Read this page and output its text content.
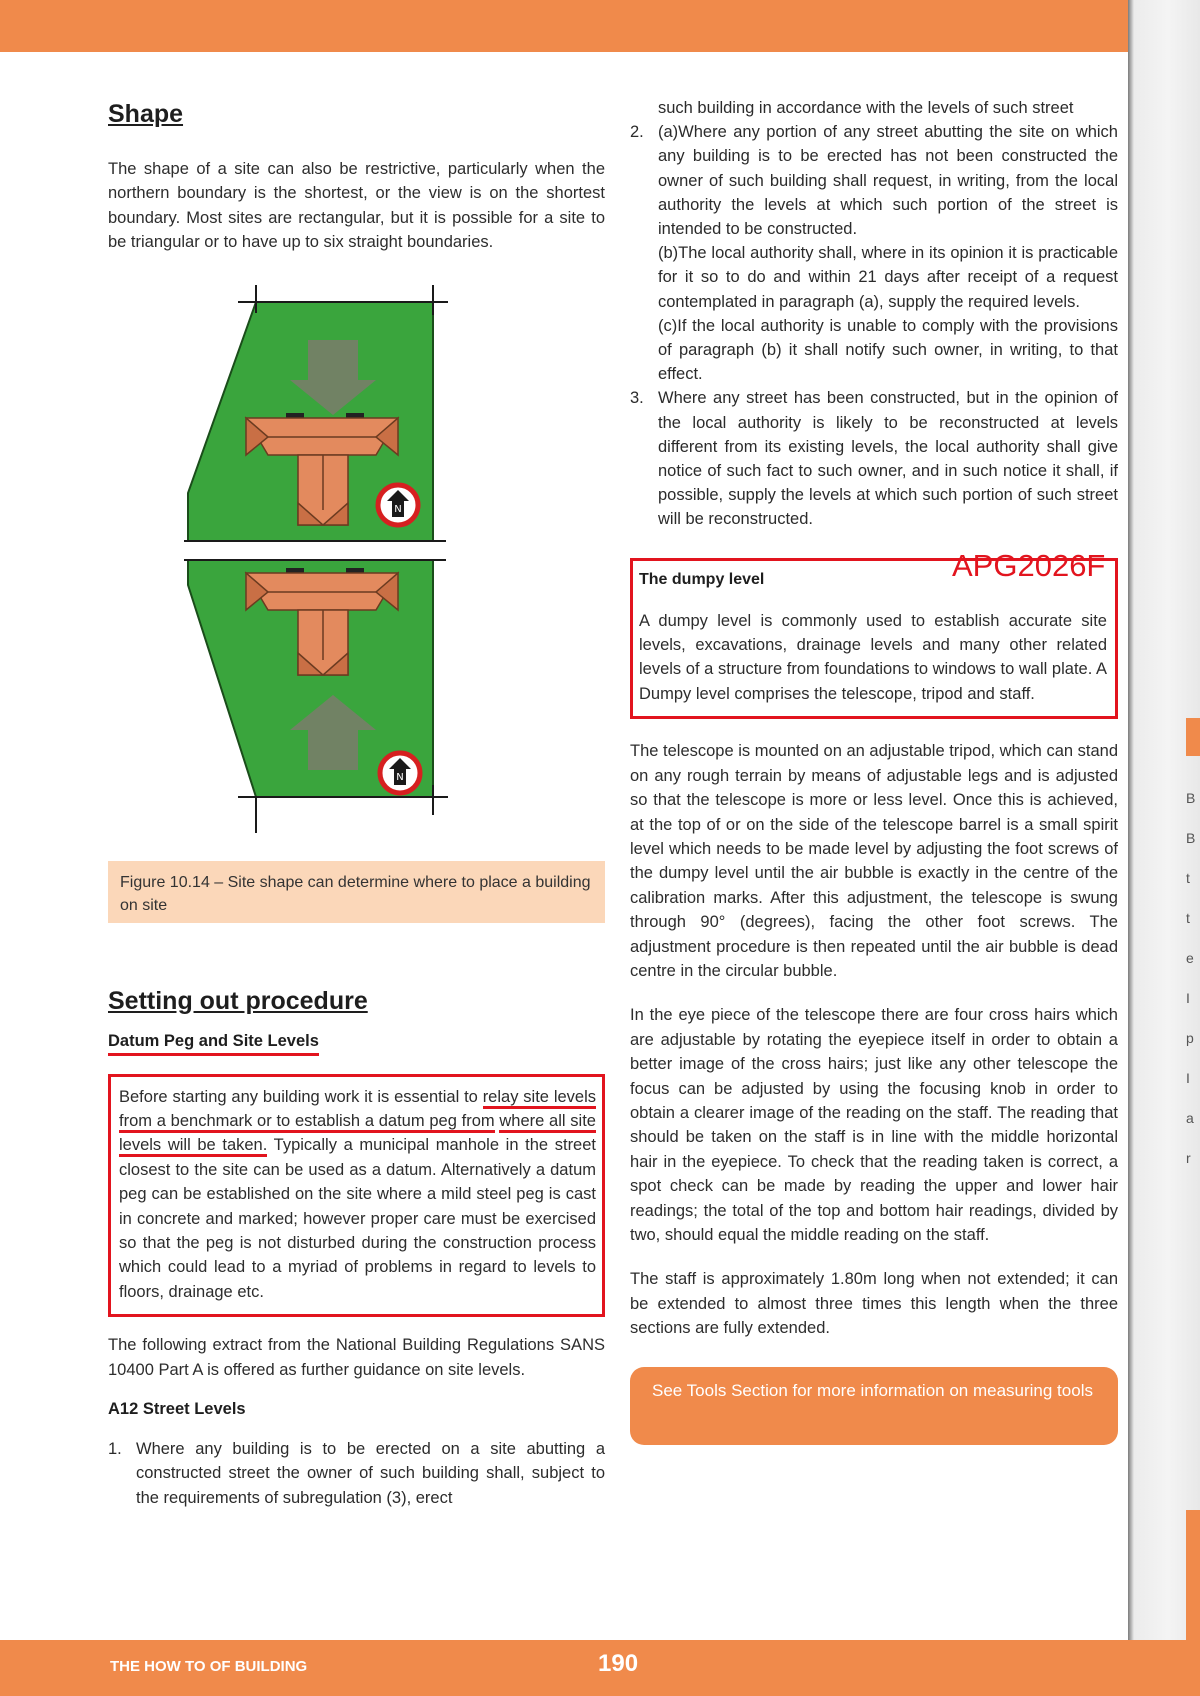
Shape

The shape of a site can also be restrictive, particularly when the northern boundary is the shortest, or the view is on the shortest boundary. Most sites are rectangular, but it is possible for a site to be triangular or to have up to six straight boundaries.

N
N
Figure 10.14 – Site shape can determine where to place a building on site
Setting out procedure
Datum Peg and Site Levels

Before starting any building work it is essential to relay site levels from a benchmark or to establish a datum peg from where all site levels will be taken. Typically a municipal manhole in the street closest to the site can be used as a datum. Alternatively a datum peg can be established on the site where a mild steel peg is cast in concrete and marked; however proper care must be exercised so that the peg is not disturbed during the construction process which could lead to a myriad of problems in regard to levels to floors, drainage etc.

The following extract from the National Building Regulations SANS 10400 Part A is offered as further guidance on site levels.

A12 Street Levels
1. Where any building is to be erected on a site abutting a constructed street the owner of such building shall, subject to the requirements of subregulation (3), erect
such building in accordance with the levels of such street
2. (a)Where any portion of any street abutting the site on which any building is to be erected has not been constructed the owner of such building shall request, in writing, from the local authority the levels at which such portion of the street is intended to be constructed.
(b)The local authority shall, where in its opinion it is practicable for it so to do and within 21 days after receipt of a request contemplated in paragraph (a), supply the required levels.
(c)If the local authority is unable to comply with the provisions of paragraph (b) it shall notify such owner, in writing, to that effect.
3. Where any street has been constructed, but in the opinion of the local authority is likely to be reconstructed at levels different from its existing levels, the local authority shall give notice of such fact to such owner, and in such notice it shall, if possible, supply the levels at which such portion of such street will be reconstructed.
The dumpy level

A dumpy level is commonly used to establish accurate site levels, excavations, drainage levels and many other related levels of a structure from foundations to windows to wall plate. A Dumpy level comprises the telescope, tripod and staff.

The telescope is mounted on an adjustable tripod, which can stand on any rough terrain by means of adjustable legs and is adjusted so that the telescope is more or less level. Once this is achieved, at the top of or on the side of the telescope barrel is a small spirit level which needs to be made level by adjusting the foot screws of the dumpy level until the air bubble is exactly in the centre of the calibration marks. After this adjustment, the telescope is swung through 90° (degrees), facing the other foot screws. The adjustment procedure is then repeated until the air bubble is dead centre in the circular bubble.

In the eye piece of the telescope there are four cross hairs which are adjustable by rotating the eyepiece itself in order to obtain a better image of the cross hairs; just like any other telescope the focus can be adjusted by using the focusing knob in order to obtain a clearer image of the reading on the staff. The reading that should be taken on the staff is in line with the middle horizontal hair in the eyepiece. To check that the reading taken is correct, a spot check can be made by reading the upper and lower hair readings; the total of the top and bottom hair readings, divided by two, should equal the middle reading on the staff.

The staff is approximately 1.80m long when not extended; it can be extended to almost three times this length when the three sections are fully extended.

See Tools Section for more information on measuring tools
APG2026F
B
B
t
t
e
I
p
I
a
r
THE HOW TO OF BUILDING	190
